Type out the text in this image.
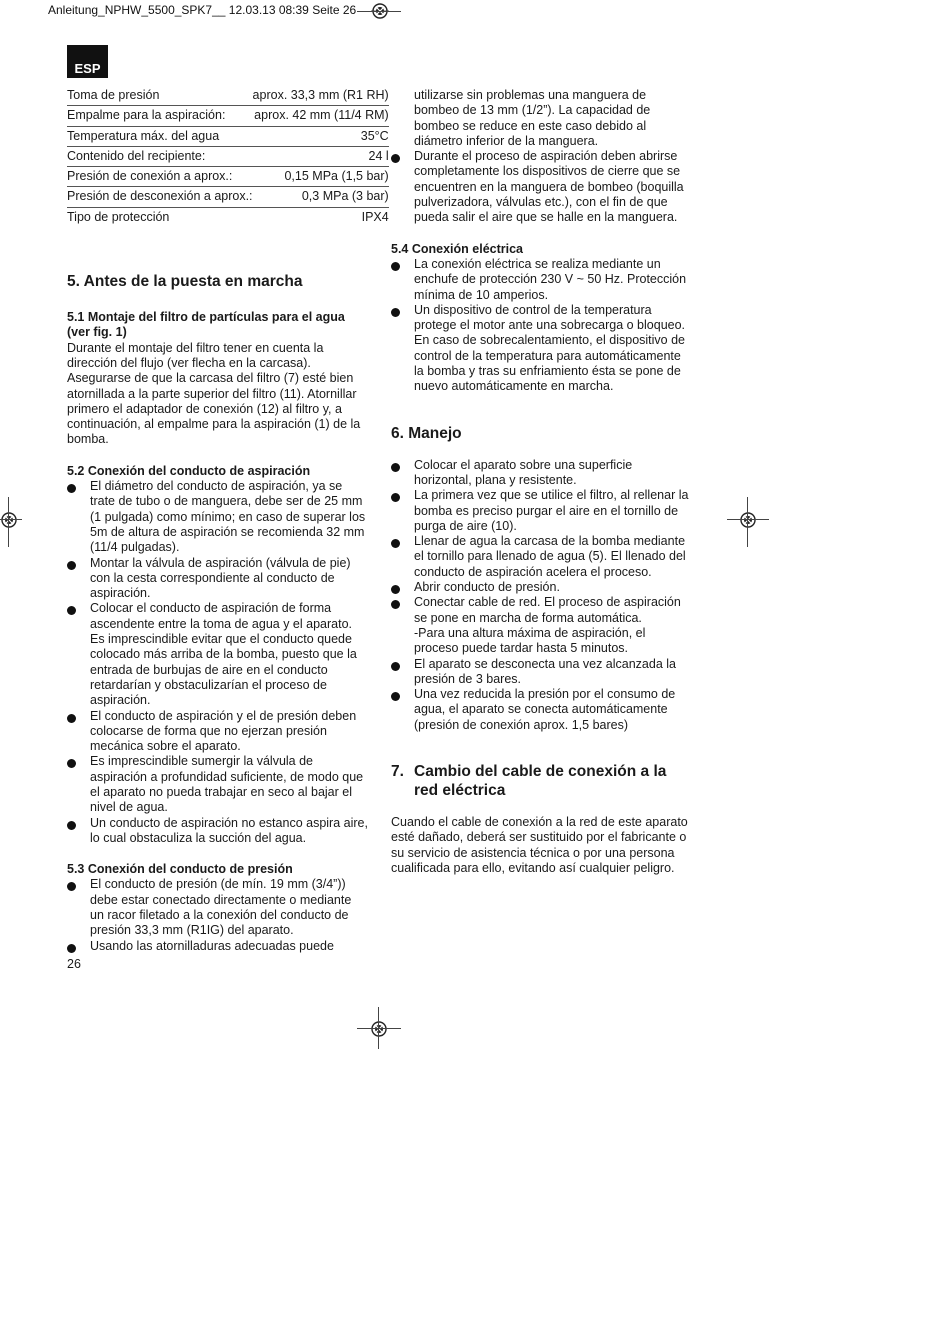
Anleitung_NPHW_5500_SPK7__ 12.03.13 08:39 Seite 26
ESP
Toma de presión	aprox. 33,3 mm (R1 RH)
Empalme para la aspiración:	aprox. 42 mm (11/4 RM)
Temperatura máx. del agua	35°C
Contenido del recipiente:	24 l
Presión de conexión a aprox.:	0,15 MPa (1,5 bar)
Presión de desconexión a aprox.:	0,3 MPa (3 bar)
Tipo de protección	IPX4
5. Antes de la puesta en marcha
5.1 Montaje del filtro de partículas para el agua (ver fig. 1)

Durante el montaje del filtro tener en cuenta la dirección del flujo (ver flecha en la carcasa). Asegurarse de que la carcasa del filtro (7) esté bien atornillada a la parte superior del filtro (11). Atornillar primero el adaptador de conexión (12) al filtro y, a continuación, al empalme para la aspiración (1) de la bomba.

5.2 Conexión del conducto de aspiración
El diámetro del conducto de aspiración, ya se trate de tubo o de manguera, debe ser de 25 mm (1 pulgada) como mínimo; en caso de superar los 5m de altura de aspiración se recomienda 32 mm (11/4 pulgadas).
Montar la válvula de aspiración (válvula de pie) con la cesta correspondiente al conducto de aspiración.
Colocar el conducto de aspiración de forma ascendente entre la toma de agua y el aparato. Es imprescindible evitar que el conducto quede colocado más arriba de la bomba, puesto que la entrada de burbujas de aire en el conducto retardarían y obstaculizarían el proceso de aspiración.
El conducto de aspiración y el de presión deben colocarse de forma que no ejerzan presión mecánica sobre el aparato.
Es imprescindible sumergir la válvula de aspiración a profundidad suficiente, de modo que el aparato no pueda trabajar en seco al bajar el nivel de agua.
Un conducto de aspiración no estanco aspira aire, lo cual obstaculiza la succión del agua.
5.3 Conexión del conducto de presión
El conducto de presión (de mín. 19 mm (3/4”)) debe estar conectado directamente o mediante un racor filetado a la conexión del conducto de presión 33,3 mm (R1IG) del aparato.
Usando las atornilladuras adecuadas puede

utilizarse sin problemas una manguera de bombeo de 13 mm (1/2”). La capacidad de bombeo se reduce en este caso debido al diámetro inferior de la manguera.

Durante el proceso de aspiración deben abrirse completamente los dispositivos de cierre que se encuentren en la manguera de bombeo (boquilla pulverizadora, válvulas etc.), con el fin de que pueda salir el aire que se halle en la manguera.
5.4 Conexión eléctrica
La conexión eléctrica se realiza mediante un enchufe de protección 230 V ~ 50 Hz. Protección mínima de 10 amperios.
Un dispositivo de control de la temperatura protege el motor ante una sobrecarga o bloqueo. En caso de sobrecalentamiento, el dispositivo de control de la temperatura para automáticamente la bomba y tras su enfriamiento ésta se pone de nuevo automáticamente en marcha.
6. Manejo
Colocar el aparato sobre una superficie horizontal, plana y resistente.
La primera vez que se utilice el filtro, al rellenar la bomba es preciso purgar el aire en el tornillo de purga de aire (10).
Llenar de agua la carcasa de la bomba mediante el tornillo para llenado de agua (5). El llenado del conducto de aspiración acelera el proceso.
Abrir conducto de presión.
Conectar cable de red. El proceso de aspiración se pone en marcha de forma automática.
-Para una altura máxima de aspiración, el proceso puede tardar hasta 5 minutos.
El aparato se desconecta una vez alcanzada la presión de 3 bares.
Una vez reducida la presión por el consumo de agua, el aparato se conecta automáticamente (presión de conexión aprox. 1,5 bares)
7. Cambio del cable de conexión a la red eléctrica

Cuando el cable de conexión a la red de este aparato esté dañado, deberá ser sustituido por el fabricante o su servicio de asistencia técnica o por una persona cualificada para ello, evitando así cualquier peligro.

26
